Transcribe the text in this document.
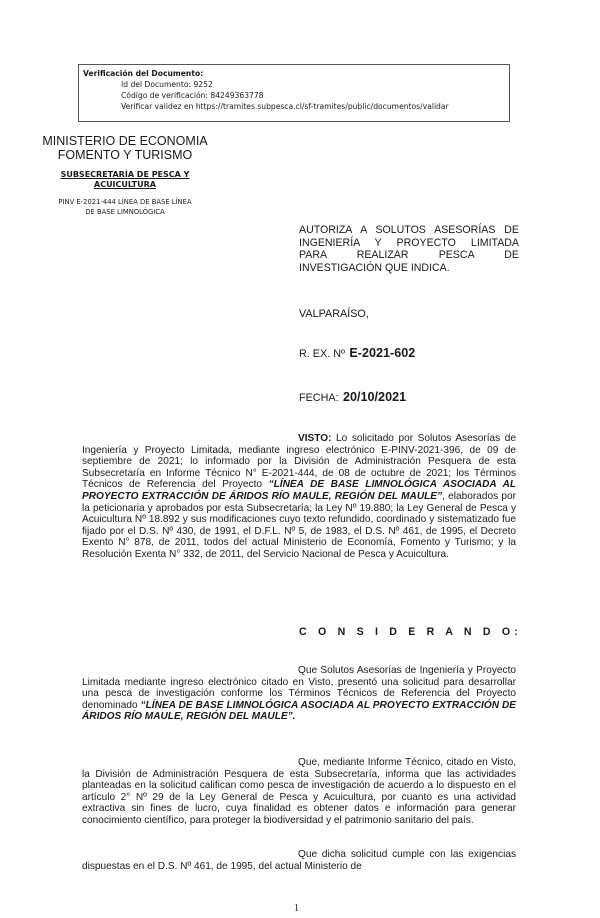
Verificación del Documento:
• Id del Documento: 9252
• Código de verificación: 84249363778
• Verificar validez en https://tramites.subpesca.cl/sf-tramites/public/documentos/validar
MINISTERIO DE ECONOMIA
FOMENTO Y TURISMO
SUBSECRETARÍA DE PESCA Y
ACUICULTURA
PINV E-2021-444 LÍNEA DE BASE LÍNEA
DE BASE LIMNOLÓGICA
AUTORIZA A SOLUTOS ASESORÍAS DE
INGENIERÍA Y PROYECTO LIMITADA
PARA REALIZAR PESCA DE
INVESTIGACIÓN QUE INDICA.
VALPARAÍSO,
R. EX. Nº E-2021-602
FECHA: 20/10/2021
VISTO: Lo solicitado por Solutos Asesorías de Ingeniería y Proyecto Limitada, mediante ingreso electrónico E-PINV-2021-396, de 09 de septiembre de 2021; lo informado por la División de Administración Pesquera de esta Subsecretaría en Informe Técnico N° E-2021-444, de 08 de octubre de 2021; los Términos Técnicos de Referencia del Proyecto “LÍNEA DE BASE LIMNOLÓGICA ASOCIADA AL PROYECTO EXTRACCIÓN DE ÁRIDOS RÍO MAULE, REGIÓN DEL MAULE”, elaborados por la peticionaria y aprobados por esta Subsecretaría; la Ley Nº 19.880; la Ley General de Pesca y Acuicultura Nº 18.892 y sus modificaciones cuyo texto refundido, coordinado y sistematizado fue fijado por el D.S. Nº 430, de 1991, el D.F.L. Nº 5, de 1983, el D.S. Nº 461, de 1995, el Decreto Exento N° 878, de 2011, todos del actual Ministerio de Economía, Fomento y Turismo; y la Resolución Exenta N° 332, de 2011, del Servicio Nacional de Pesca y Acuicultura.
C O N S I D E R A N D O:
Que Solutos Asesorías de Ingeniería y Proyecto Limitada mediante ingreso electrónico citado en Visto, presentó una solicitud para desarrollar una pesca de investigación conforme los Términos Técnicos de Referencia del Proyecto denominado “LÍNEA DE BASE LIMNOLÓGICA ASOCIADA AL PROYECTO EXTRACCIÓN DE ÁRIDOS RÍO MAULE, REGIÓN DEL MAULE”.
Que, mediante Informe Técnico, citado en Visto, la División de Administración Pesquera de esta Subsecretaría, informa que las actividades planteadas en la solicitud califican como pesca de investigación de acuerdo a lo dispuesto en el artículo 2° Nº 29 de la Ley General de Pesca y Acuicultura, por cuanto es una actividad extractiva sin fines de lucro, cuya finalidad es obtener datos e información para generar conocimiento científico, para proteger la biodiversidad y el patrimonio sanitario del país.
Que dicha solicitud cumple con las exigencias dispuestas en el D.S. Nº 461, de 1995, del actual Ministerio de
1
